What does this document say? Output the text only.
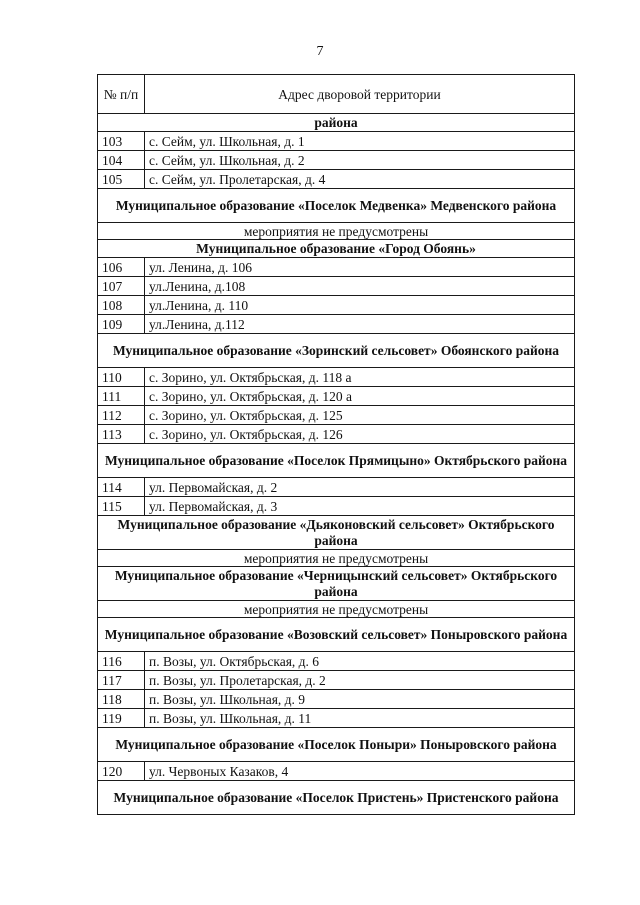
7
№ п/п	Адрес дворовой территории
района	
103	с. Сейм, ул. Школьная, д. 1
104	с. Сейм, ул. Школьная, д. 2
105	с. Сейм, ул. Пролетарская, д. 4
Муниципальное образование «Поселок Медвенка» Медвенского района	
мероприятия не предусмотрены	
Муниципальное образование «Город Обоянь»	
106	ул. Ленина, д. 106
107	ул.Ленина, д.108
108	ул.Ленина, д. 110
109	ул.Ленина, д.112
Муниципальное образование «Зоринский сельсовет» Обоянского района	
110	с. Зорино, ул. Октябрьская, д. 118 а
111	с. Зорино, ул. Октябрьская, д. 120 а
112	с. Зорино, ул. Октябрьская, д. 125
113	с. Зорино, ул. Октябрьская, д. 126
Муниципальное образование «Поселок Прямицыно» Октябрьского района	
114	ул. Первомайская, д. 2
115	ул. Первомайская, д. 3
Муниципальное образование «Дьяконовский сельсовет» Октябрьского района	
мероприятия не предусмотрены	
Муниципальное образование «Черницынский сельсовет» Октябрьского района	
мероприятия не предусмотрены	
Муниципальное образование «Возовский сельсовет» Поныровского района	
116	п. Возы, ул. Октябрьская, д. 6
117	п. Возы, ул. Пролетарская, д. 2
118	п. Возы, ул. Школьная, д. 9
119	п. Возы, ул. Школьная, д. 11
Муниципальное образование «Поселок Поныри» Поныровского района	
120	ул. Червоных Казаков, 4
Муниципальное образование «Поселок Пристень» Пристенского района	
